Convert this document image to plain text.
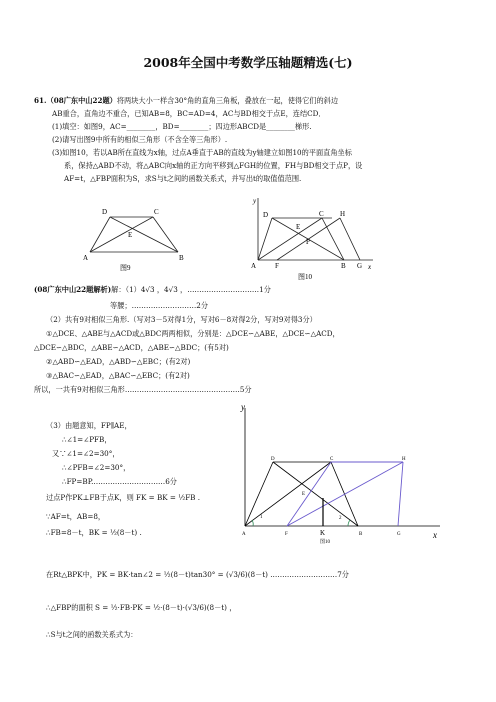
2008年全国中考数学压轴题精选(七)
61.（08广东中山22题）将两块大小一样含30°角的直角三角板，叠放在一起，使得它们的斜边
AB重合，直角边不重合，已知AB=8，BC=AD=4，AC与BD相交于点E，连结CD．
(1)填空：如图9，AC=________，BD=________；四边形ABCD是________梯形.
(2)请写出图9中所有的相似三角形（不含全等三角形）.
(3)如图10，若以AB所在直线为x轴，过点A垂直于AB的直线为y轴建立如图10的平面直角坐标
系，保持△ABD不动，将△ABC向x轴的正方向平移到△FGH的位置，FH与BD相交于点P，设
AF=t，△FBP面积为S，求S与t之间的函数关系式，并写出t的取值值范围.
A	B
C
D
E
图9
y
x
A	F	B G
D	C H
E
P
图10
(08广东中山22题解析)解：（1）4√3 ，4√3 ，…………………………1分
等腰；………………………2分
（2）共有9对相似三角形.（写对3－5对得1分，写对6－8对得2分，写对9对得3分）
①△DCE、△ABE与△ACD或△BDC两两相似，分别是：△DCE∽△ABE，△DCE∽△ACD，
△DCE∽△BDC，△ABE∽△ACD，△ABE∽△BDC；(有5对)
②△ABD∽△EAD，△ABD∽△EBC；(有2对)
③△BAC∽△EAD，△BAC∽△EBC；(有2对)
所以，一共有9对相似三角形…………………………………………5分
（3）由题意知，FP∥AE，
∴∠1=∠PFB，
又∵∠1=∠2=30°，
∴∠PFB=∠2=30°，
∴FP=BP.…………………………6分
过点P作PK⊥FB于点K，则 FK = BK = ½FB .
∵AF=t，AB=8，
∴FB=8－t，BK = ½(8－t) .
在Rt△BPK中，PK = BK·tan∠2 = ½(8－t)tan30° = (√3/6)(8－t) .………………………7分
∴△FBP的面积 S = ½·FB·PK = ½·(8－t)·(√3/6)(8－t) ，
∴S与t之间的函数关系式为：
y
x
A	F	K	B	G
D	C	H
E
1	2
图10
